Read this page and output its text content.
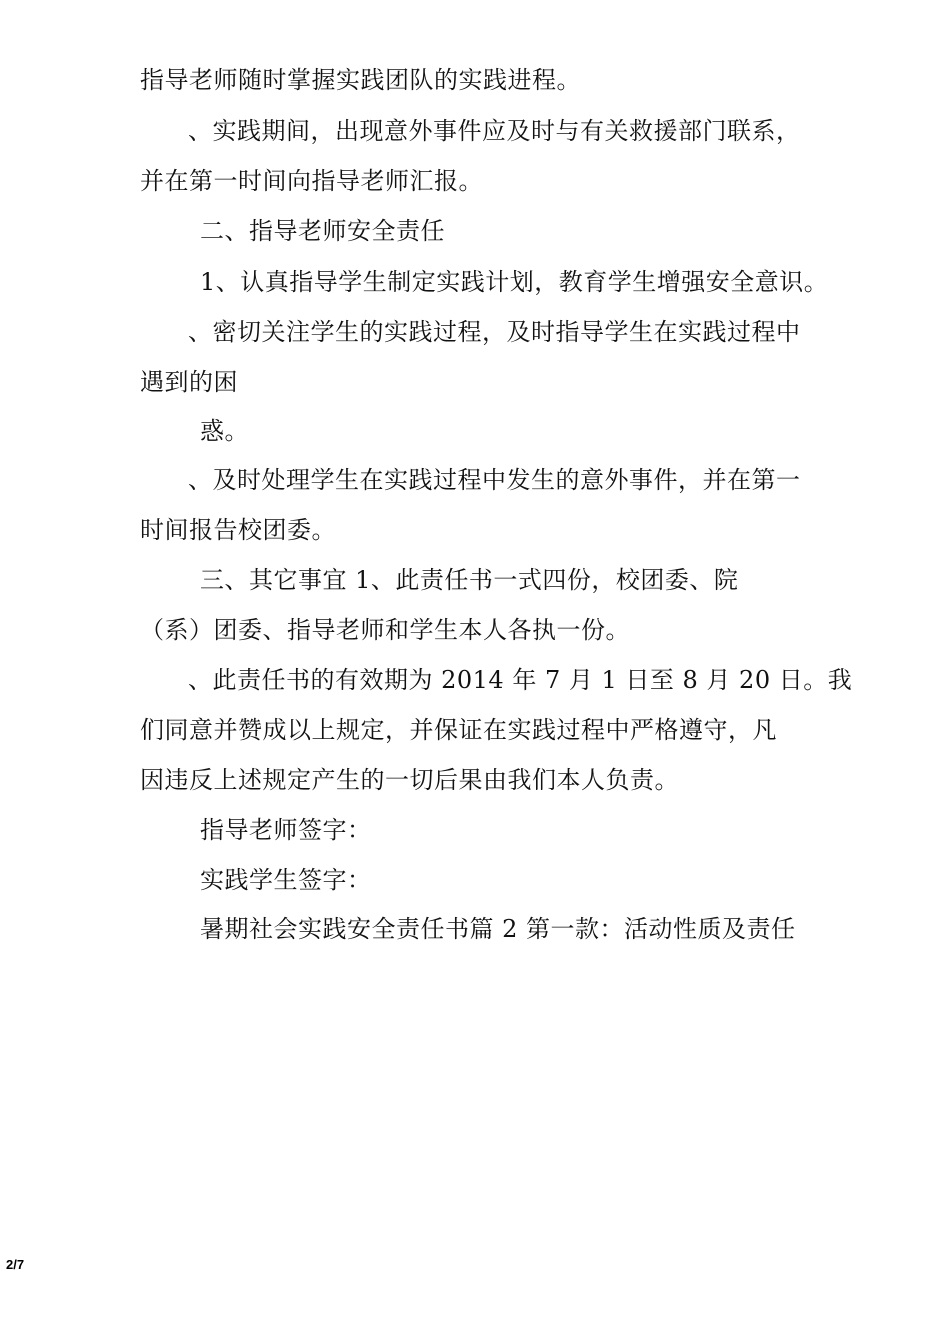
指导老师随时掌握实践团队的实践进程。
、实践期间，出现意外事件应及时与有关救援部门联系，
并在第一时间向指导老师汇报。
二、指导老师安全责任
1、认真指导学生制定实践计划，教育学生增强安全意识。
、密切关注学生的实践过程，及时指导学生在实践过程中
遇到的困
惑。
、及时处理学生在实践过程中发生的意外事件，并在第一
时间报告校团委。
三、其它事宜 1、此责任书一式四份，校团委、院
（系）团委、指导老师和学生本人各执一份。
、此责任书的有效期为 2014 年 7 月 1 日至 8 月 20 日。我
们同意并赞成以上规定，并保证在实践过程中严格遵守，凡
因违反上述规定产生的一切后果由我们本人负责。
指导老师签字：
实践学生签字：
暑期社会实践安全责任书篇 2 第一款：活动性质及责任
2/7
